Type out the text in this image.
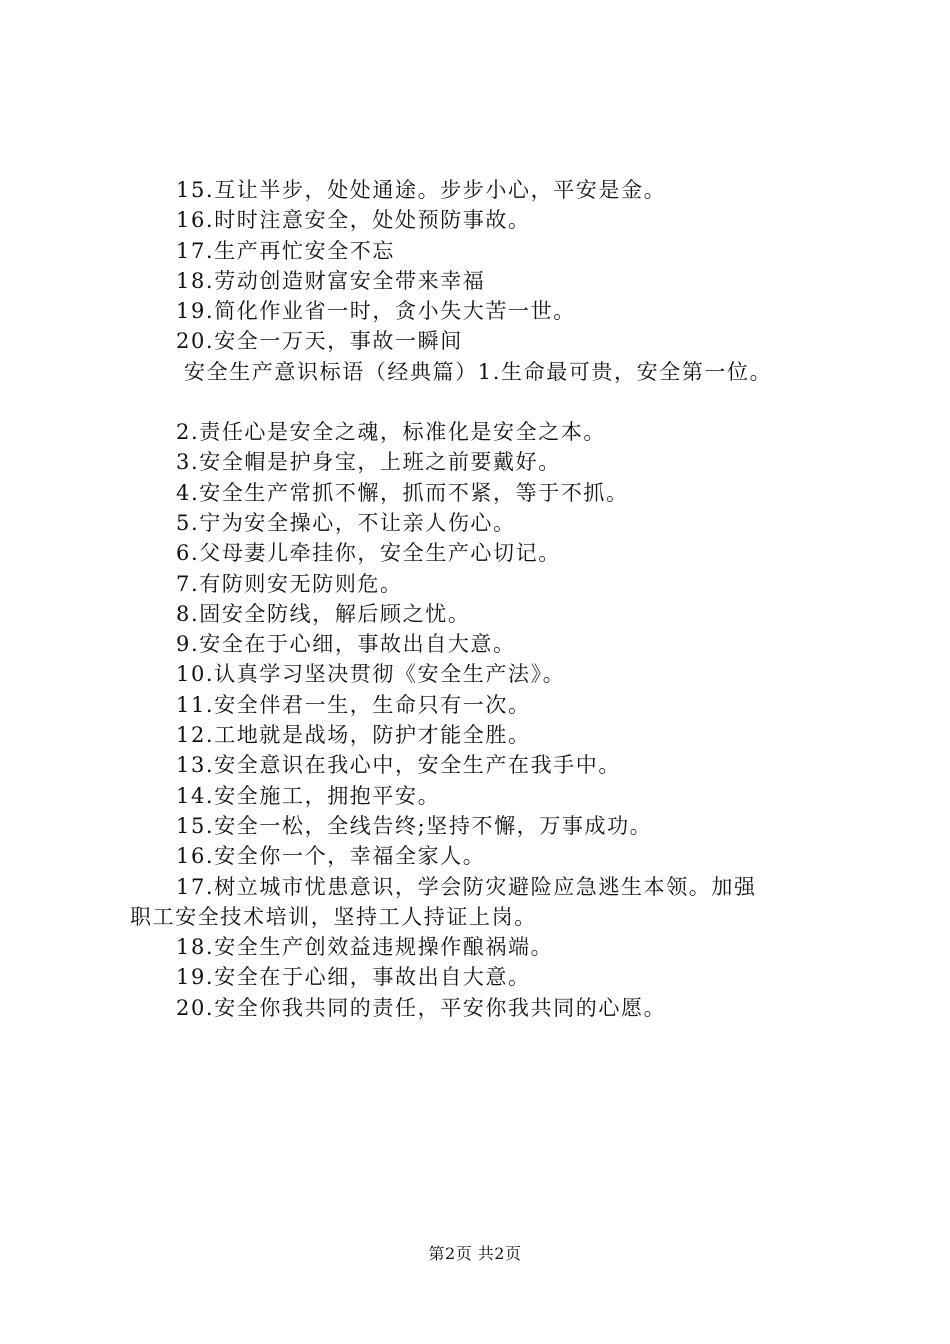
15.互让半步，处处通途。步步小心，平安是金。
16.时时注意安全，处处预防事故。
17.生产再忙安全不忘
18.劳动创造财富安全带来幸福
19.简化作业省一时，贪小失大苦一世。
20.安全一万天，事故一瞬间
安全生产意识标语（经典篇）1.生命最可贵，安全第一位。
2.责任心是安全之魂，标准化是安全之本。
3.安全帽是护身宝，上班之前要戴好。
4.安全生产常抓不懈，抓而不紧，等于不抓。
5.宁为安全操心，不让亲人伤心。
6.父母妻儿牵挂你，安全生产心切记。
7.有防则安无防则危。
8.固安全防线，解后顾之忧。
9.安全在于心细，事故出自大意。
10.认真学习坚决贯彻《安全生产法》。
11.安全伴君一生，生命只有一次。
12.工地就是战场，防护才能全胜。
13.安全意识在我心中，安全生产在我手中。
14.安全施工，拥抱平安。
15.安全一松，全线告终;坚持不懈，万事成功。
16.安全你一个，幸福全家人。
17.树立城市忧患意识，学会防灾避险应急逃生本领。加强
职工安全技术培训，坚持工人持证上岗。
18.安全生产创效益违规操作酿祸端。
19.安全在于心细，事故出自大意。
20.安全你我共同的责任，平安你我共同的心愿。
第2页 共2页
